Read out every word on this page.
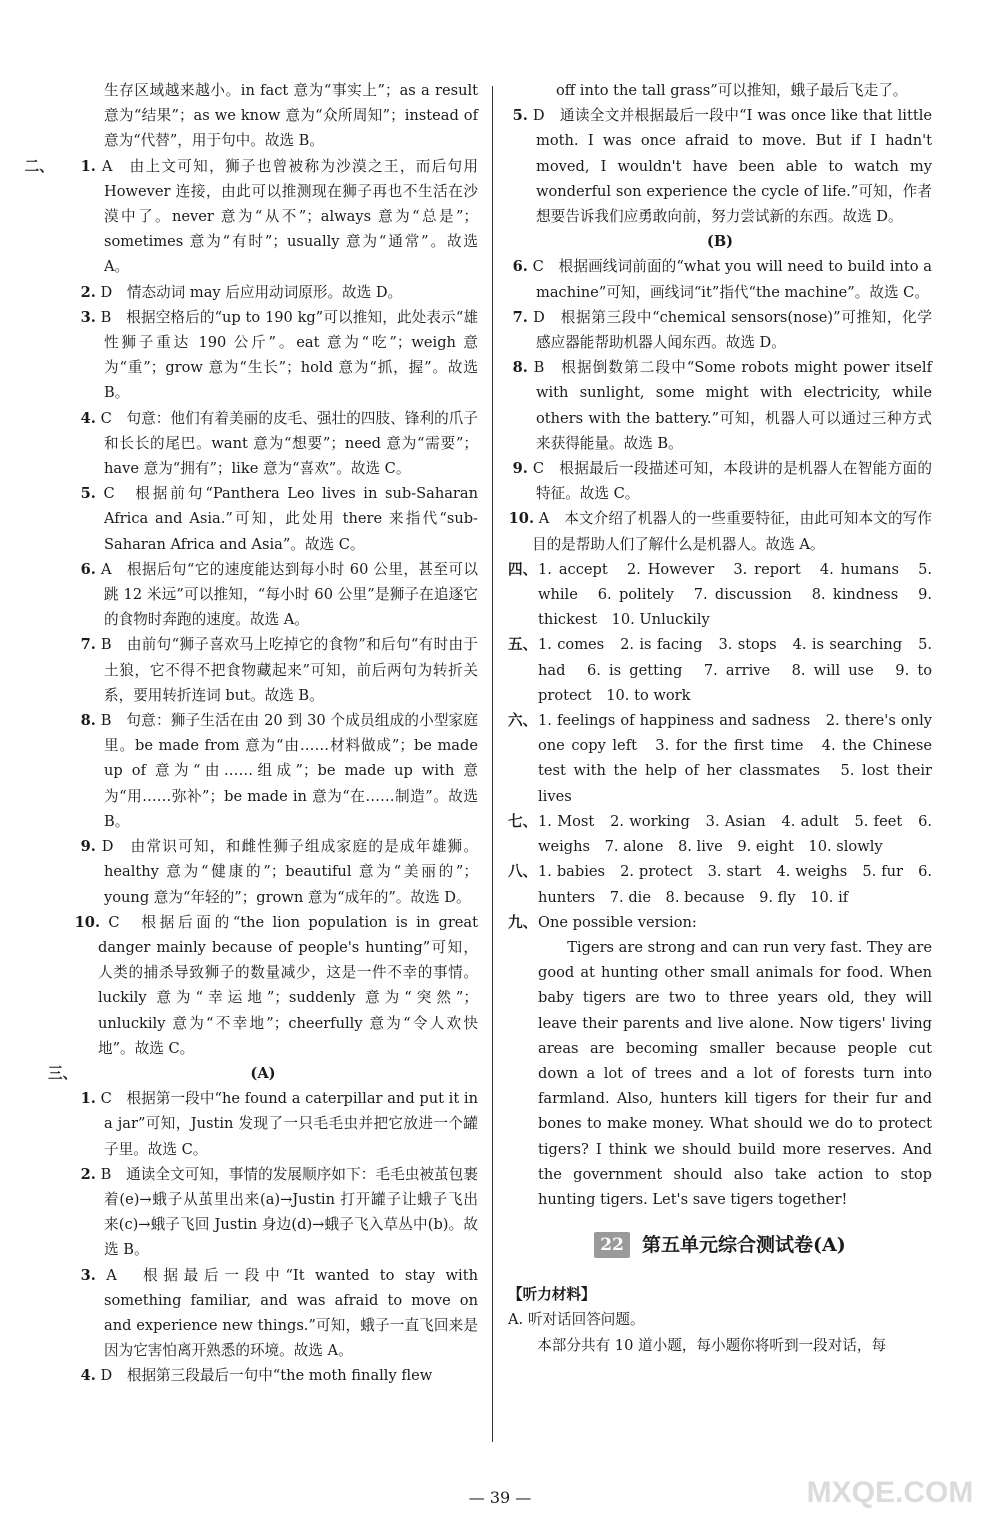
生存区域越来越小。in fact 意为“事实上”；as a result 意为“结果”；as we know 意为“众所周知”；instead of 意为“代替”，用于句中。故选 B。
二、 1. A　 由上文可知，狮子也曾被称为沙漠之王，而后句用 However 连接，由此可以推测现在狮子再也不生活在沙漠中了。never 意为“从不”；always 意为“总是”；sometimes 意为“有时”；usually 意为“通常”。故选 A。
2. D　 情态动词 may 后应用动词原形。故选 D。
3. B　 根据空格后的“up to 190 kg”可以推知，此处表示“雄性狮子重达 190 公斤”。eat 意为“吃”；weigh 意为“重”；grow 意为“生长”；hold 意为“抓，握”。故选 B。
4. C　 句意：他们有着美丽的皮毛、强壮的四肢、锋利的爪子和长长的尾巴。want 意为“想要”；need 意为“需要”；have 意为“拥有”；like 意为“喜欢”。故选 C。
5. C　 根据前句“Panthera Leo lives in sub-Saharan Africa and Asia.”可知，此处用 there 来指代“sub-Saharan Africa and Asia”。故选 C。
6. A　 根据后句“它的速度能达到每小时 60 公里，甚至可以跳 12 米远”可以推知，“每小时 60 公里”是狮子在追逐它的食物时奔跑的速度。故选 A。
7. B　 由前句“狮子喜欢马上吃掉它的食物”和后句“有时由于土狼，它不得不把食物藏起来”可知，前后两句为转折关系，要用转折连词 but。故选 B。
8. B　 句意：狮子生活在由 20 到 30 个成员组成的小型家庭里。be made from 意为“由……材料做成”；be made up of 意为“由……组成”；be made up with 意为“用……弥补”；be made in 意为“在……制造”。故选 B。
9. D　 由常识可知，和雌性狮子组成家庭的是成年雄狮。healthy 意为“健康的”；beautiful 意为“美丽的”；young 意为“年轻的”；grown 意为“成年的”。故选 D。
10. C　 根据后面的“the lion population is in great danger mainly because of people's hunting”可知，人类的捕杀导致狮子的数量减少，这是一件不幸的事情。luckily 意为“幸运地”；suddenly 意为“突然”；unluckily 意为“不幸地”；cheerfully 意为“令人欢快地”。故选 C。
三、	(A)
1. C　 根据第一段中“he found a caterpillar and put it in a jar”可知，Justin 发现了一只毛毛虫并把它放进一个罐子里。故选 C。
2. B　 通读全文可知，事情的发展顺序如下：毛毛虫被茧包裹着(e)→蛾子从茧里出来(a)→Justin 打开罐子让蛾子飞出来(c)→蛾子飞回 Justin 身边(d)→蛾子飞入草丛中(b)。故选 B。
3. A　 根据最后一段中“It wanted to stay with something familiar, and was afraid to move on and experience new things.”可知，蛾子一直飞回来是因为它害怕离开熟悉的环境。故选 A。
4. D　 根据第三段最后一句中“the moth finally flew
off into the tall grass”可以推知，蛾子最后飞走了。
5. D　 通读全文并根据最后一段中“I was once like that little moth. I was once afraid to move. But if I hadn't moved, I wouldn't have been able to watch my wonderful son experience the cycle of life.”可知，作者想要告诉我们应勇敢向前，努力尝试新的东西。故选 D。

(B)

6. C　 根据画线词前面的“what you will need to build into a machine”可知，画线词“it”指代“the machine”。故选 C。
7. D　 根据第三段中“chemical sensors(nose)”可推知，化学感应器能帮助机器人闻东西。故选 D。
8. B　 根据倒数第二段中“Some robots might power itself with sunlight, some might with electricity, while others with the battery.”可知，机器人可以通过三种方式来获得能量。故选 B。
9. C　 根据最后一段描述可知，本段讲的是机器人在智能方面的特征。故选 C。
10. A　 本文介绍了机器人的一些重要特征，由此可知本文的写作目的是帮助人们了解什么是机器人。故选 A。
四、 1. accept　2. However　3. report　4. humans　5. while　6. politely　7. discussion　8. kindness　9. thickest　10. Unluckily
五、 1. comes　2. is facing　3. stops　4. is searching　5. had　6. is getting　7. arrive　8. will use　9. to protect　10. to work
六、 1. feelings of happiness and sadness　2. there's only one copy left　3. for the first time　4. the Chinese test with the help of her classmates　5. lost their lives
七、 1. Most　2. working　3. Asian　4. adult　5. feet　6. weighs　7. alone　8. live　9. eight　10. slowly
八、 1. babies　2. protect　3. start　4. weighs　5. fur　6. hunters　7. die　8. because　9. fly　10. if
九、 One possible version:

Tigers are strong and can run very fast. They are good at hunting other small animals for food. When baby tigers are two to three years old, they will leave their parents and live alone. Now tigers' living areas are becoming smaller because people cut down a lot of trees and a lot of forests turn into farmland. Also, hunters kill tigers for their fur and bones to make money. What should we do to protect tigers? I think we should build more reserves. And the government should also take action to stop hunting tigers. Let's save tigers together!

22 第五单元综合测试卷(A)

【听力材料】

A. 听对话回答问题。

本部分共有 10 道小题，每小题你将听到一段对话，每

— 39 —	MXQE.COM
